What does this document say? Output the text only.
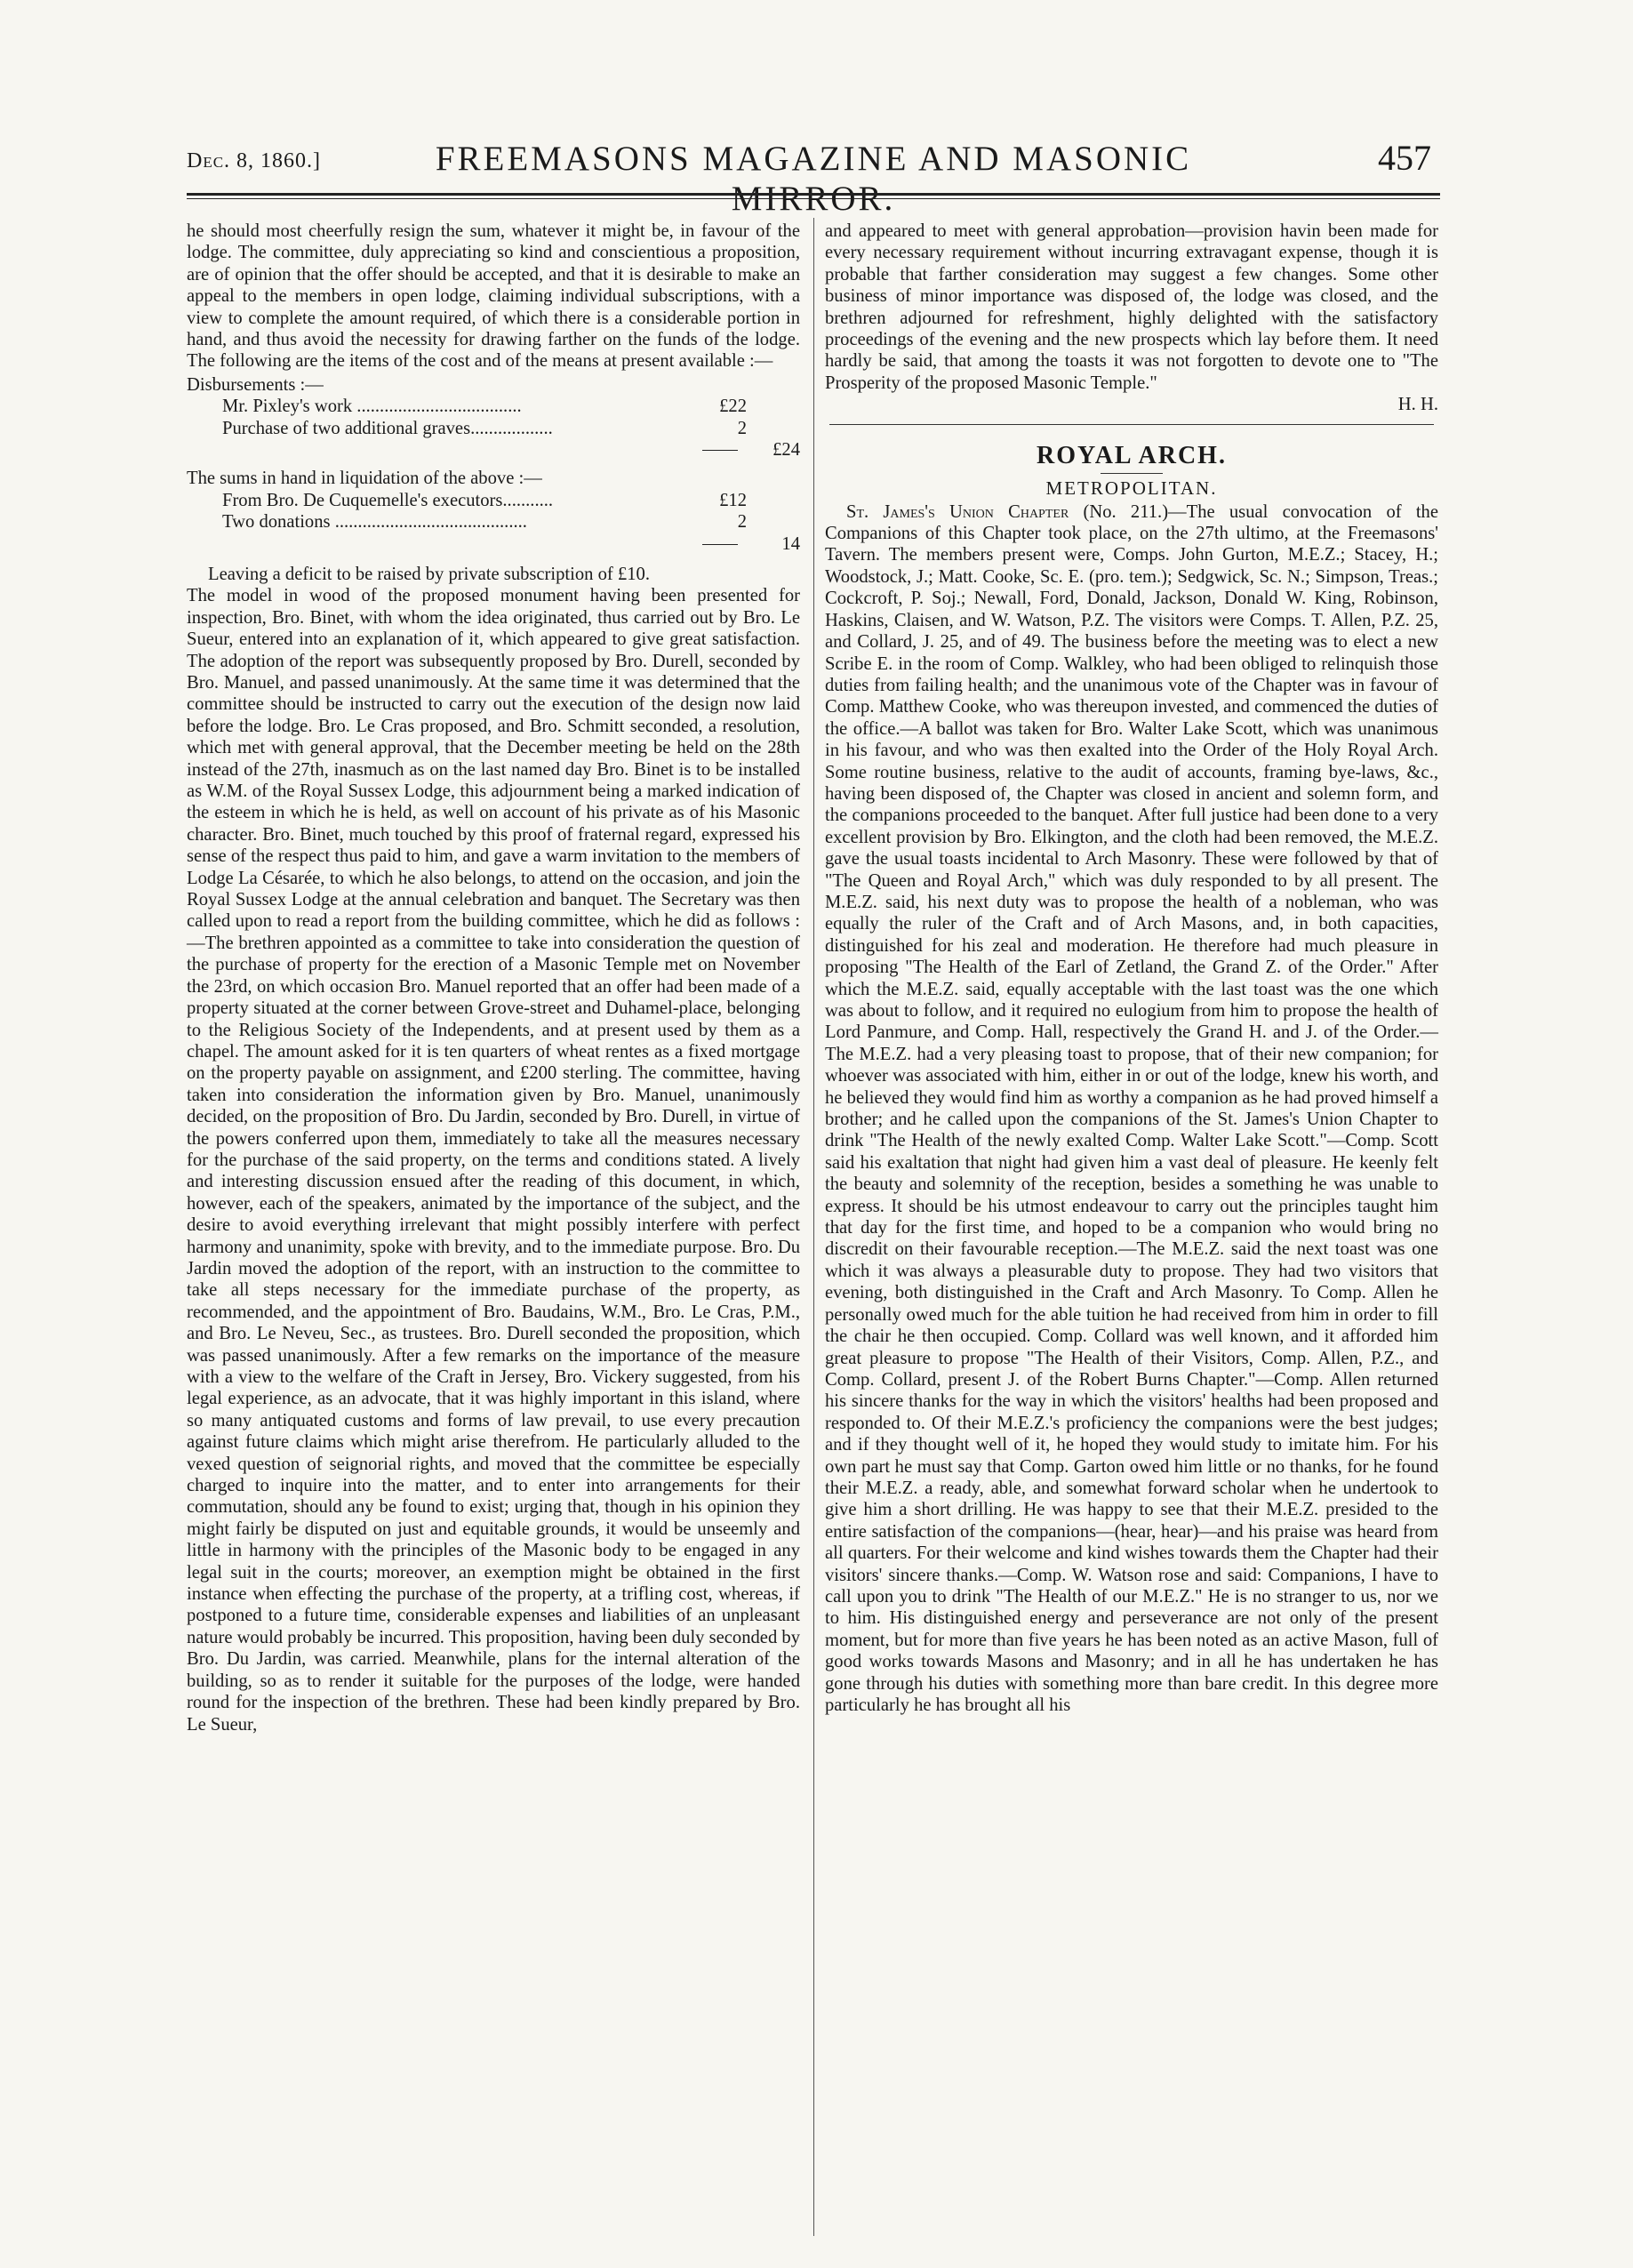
Dec. 8, 1860.]	FREEMASONS MAGAZINE AND MASONIC	457

he should most cheerfully resign the sum, whatever it might be, in favour of the lodge. The committee, duly appreciating so kind and conscientious a proposition, are of opinion that the offer should be accepted, and that it is desirable to make an appeal to the members in open lodge, claiming individual subscriptions, with a view to complete the amount required, of which there is a considerable portion in hand, and thus avoid the necessity for drawing farther on the funds of the lodge. The following are the items of the cost and of the means at present available :—

Disbursements :—
Mr. Pixley's work ....................................	£22
Purchase of two additional graves..................	2
£24
The sums in hand in liquidation of the above :—
From Bro. De Cuquemelle's executors...........	£12
Two donations ..........................................	2
14

Leaving a deficit to be raised by private subscription of £10.

The model in wood of the proposed monument having been presented for inspection, Bro. Binet, with whom the idea originated, thus carried out by Bro. Le Sueur, entered into an explanation of it, which appeared to give great satisfaction. The adoption of the report was subsequently proposed by Bro. Durell, seconded by Bro. Manuel, and passed unanimously. At the same time it was determined that the committee should be instructed to carry out the execution of the design now laid before the lodge. Bro. Le Cras proposed, and Bro. Schmitt seconded, a resolution, which met with general approval, that the December meeting be held on the 28th instead of the 27th, inasmuch as on the last named day Bro. Binet is to be installed as W.M. of the Royal Sussex Lodge, this adjournment being a marked indication of the esteem in which he is held, as well on account of his private as of his Masonic character. Bro. Binet, much touched by this proof of fraternal regard, expressed his sense of the respect thus paid to him, and gave a warm invitation to the members of Lodge La Césarée, to which he also belongs, to attend on the occasion, and join the Royal Sussex Lodge at the annual celebration and banquet. The Secretary was then called upon to read a report from the building committee, which he did as follows :—The brethren appointed as a committee to take into consideration the question of the purchase of property for the erection of a Masonic Temple met on November the 23rd, on which occasion Bro. Manuel reported that an offer had been made of a property situated at the corner between Grove-street and Duhamel-place, belonging to the Religious Society of the Independents, and at present used by them as a chapel. The amount asked for it is ten quarters of wheat rentes as a fixed mortgage on the property payable on assignment, and £200 sterling. The committee, having taken into consideration the information given by Bro. Manuel, unanimously decided, on the proposition of Bro. Du Jardin, seconded by Bro. Durell, in virtue of the powers conferred upon them, immediately to take all the measures necessary for the purchase of the said property, on the terms and conditions stated. A lively and interesting discussion ensued after the reading of this document, in which, however, each of the speakers, animated by the importance of the subject, and the desire to avoid everything irrelevant that might possibly interfere with perfect harmony and unanimity, spoke with brevity, and to the immediate purpose. Bro. Du Jardin moved the adoption of the report, with an instruction to the committee to take all steps necessary for the immediate purchase of the property, as recommended, and the appointment of Bro. Baudains, W.M., Bro. Le Cras, P.M., and Bro. Le Neveu, Sec., as trustees. Bro. Durell seconded the proposition, which was passed unanimously. After a few remarks on the importance of the measure with a view to the welfare of the Craft in Jersey, Bro. Vickery suggested, from his legal experience, as an advocate, that it was highly important in this island, where so many antiquated customs and forms of law prevail, to use every precaution against future claims which might arise therefrom. He particularly alluded to the vexed question of seignorial rights, and moved that the committee be especially charged to inquire into the matter, and to enter into arrangements for their commutation, should any be found to exist; urging that, though in his opinion they might fairly be disputed on just and equitable grounds, it would be unseemly and little in harmony with the principles of the Masonic body to be engaged in any legal suit in the courts; moreover, an exemption might be obtained in the first instance when effecting the purchase of the property, at a trifling cost, whereas, if postponed to a future time, considerable expenses and liabilities of an unpleasant nature would probably be incurred. This proposition, having been duly seconded by Bro. Du Jardin, was carried. Meanwhile, plans for the internal alteration of the building, so as to render it suitable for the purposes of the lodge, were handed round for the inspection of the brethren. These had been kindly prepared by Bro. Le Sueur,

and appeared to meet with general approbation—provision havin been made for every necessary requirement without incurring extravagant expense, though it is probable that farther consideration may suggest a few changes. Some other business of minor importance was disposed of, the lodge was closed, and the brethren adjourned for refreshment, highly delighted with the satisfactory proceedings of the evening and the new prospects which lay before them. It need hardly be said, that among the toasts it was not forgotten to devote one to "The Prosperity of the proposed Masonic Temple."

H. H.
ROYAL ARCH.
METROPOLITAN.

St. James's Union Chapter (No. 211.)—The usual convocation of the Companions of this Chapter took place, on the 27th ultimo, at the Freemasons' Tavern. The members present were, Comps. John Gurton, M.E.Z.; Stacey, H.; Woodstock, J.; Matt. Cooke, Sc. E. (pro. tem.); Sedgwick, Sc. N.; Simpson, Treas.; Cockcroft, P. Soj.; Newall, Ford, Donald, Jackson, Donald W. King, Robinson, Haskins, Claisen, and W. Watson, P.Z. The visitors were Comps. T. Allen, P.Z. 25, and Collard, J. 25, and of 49. The business before the meeting was to elect a new Scribe E. in the room of Comp. Walkley, who had been obliged to relinquish those duties from failing health; and the unanimous vote of the Chapter was in favour of Comp. Matthew Cooke, who was thereupon invested, and commenced the duties of the office.—A ballot was taken for Bro. Walter Lake Scott, which was unanimous in his favour, and who was then exalted into the Order of the Holy Royal Arch. Some routine business, relative to the audit of accounts, framing bye-laws, &c., having been disposed of, the Chapter was closed in ancient and solemn form, and the companions proceeded to the banquet. After full justice had been done to a very excellent provision by Bro. Elkington, and the cloth had been removed, the M.E.Z. gave the usual toasts incidental to Arch Masonry. These were followed by that of "The Queen and Royal Arch," which was duly responded to by all present. The M.E.Z. said, his next duty was to propose the health of a nobleman, who was equally the ruler of the Craft and of Arch Masons, and, in both capacities, distinguished for his zeal and moderation. He therefore had much pleasure in proposing "The Health of the Earl of Zetland, the Grand Z. of the Order." After which the M.E.Z. said, equally acceptable with the last toast was the one which was about to follow, and it required no eulogium from him to propose the health of Lord Panmure, and Comp. Hall, respectively the Grand H. and J. of the Order.—The M.E.Z. had a very pleasing toast to propose, that of their new companion; for whoever was associated with him, either in or out of the lodge, knew his worth, and he believed they would find him as worthy a companion as he had proved himself a brother; and he called upon the companions of the St. James's Union Chapter to drink "The Health of the newly exalted Comp. Walter Lake Scott."—Comp. Scott said his exaltation that night had given him a vast deal of pleasure. He keenly felt the beauty and solemnity of the reception, besides a something he was unable to express. It should be his utmost endeavour to carry out the principles taught him that day for the first time, and hoped to be a companion who would bring no discredit on their favourable reception.—The M.E.Z. said the next toast was one which it was always a pleasurable duty to propose. They had two visitors that evening, both distinguished in the Craft and Arch Masonry. To Comp. Allen he personally owed much for the able tuition he had received from him in order to fill the chair he then occupied. Comp. Collard was well known, and it afforded him great pleasure to propose "The Health of their Visitors, Comp. Allen, P.Z., and Comp. Collard, present J. of the Robert Burns Chapter."—Comp. Allen returned his sincere thanks for the way in which the visitors' healths had been proposed and responded to. Of their M.E.Z.'s proficiency the companions were the best judges; and if they thought well of it, he hoped they would study to imitate him. For his own part he must say that Comp. Garton owed him little or no thanks, for he found their M.E.Z. a ready, able, and somewhat forward scholar when he undertook to give him a short drilling. He was happy to see that their M.E.Z. presided to the entire satisfaction of the companions—(hear, hear)—and his praise was heard from all quarters. For their welcome and kind wishes towards them the Chapter had their visitors' sincere thanks.—Comp. W. Watson rose and said: Companions, I have to call upon you to drink "The Health of our M.E.Z." He is no stranger to us, nor we to him. His distinguished energy and perseverance are not only of the present moment, but for more than five years he has been noted as an active Mason, full of good works towards Masons and Masonry; and in all he has undertaken he has gone through his duties with something more than bare credit. In this degree more particularly he has brought all his
